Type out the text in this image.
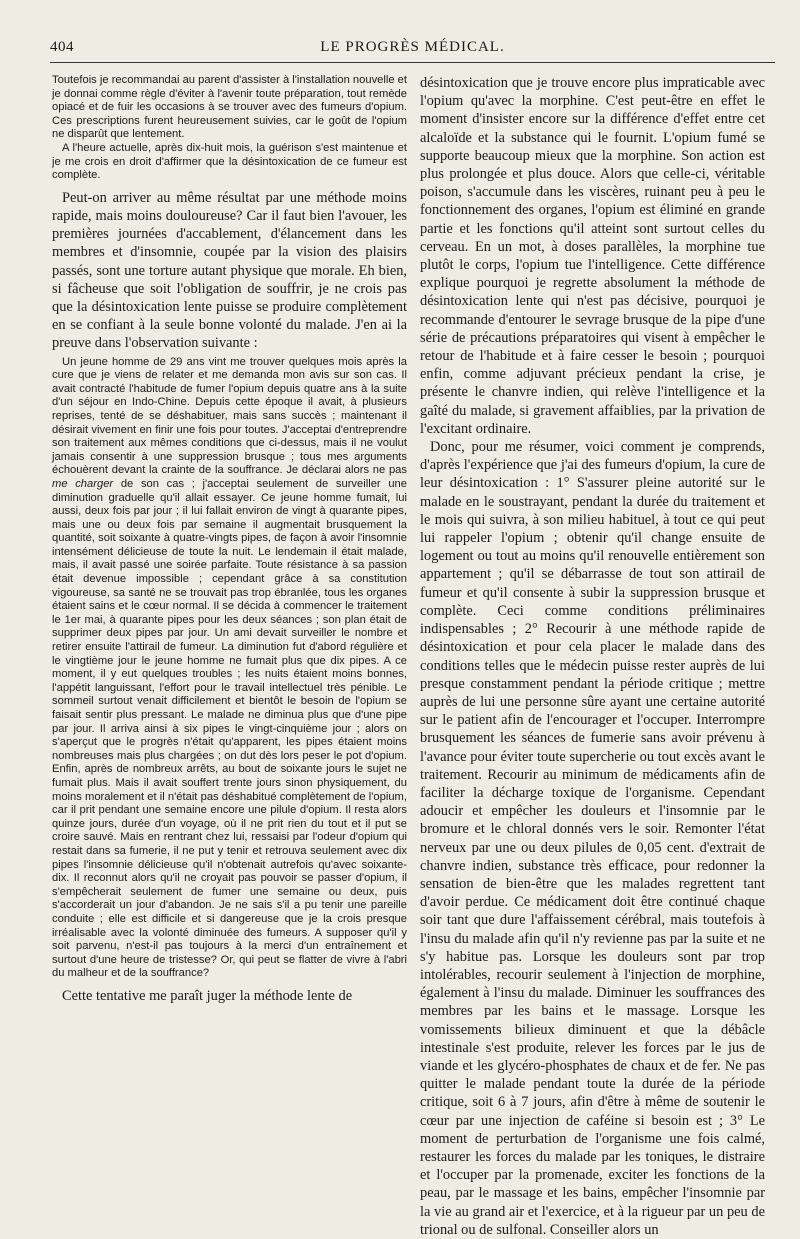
404	LE PROGRÈS MÉDICAL.

Toutefois je recommandai au parent d'assister à l'installation nouvelle et je donnai comme règle d'éviter à l'avenir toute préparation, tout remède opiacé et de fuir les occasions à se trouver avec des fumeurs d'opium. Ces prescriptions furent heureusement suivies, car le goût de l'opium ne disparût que lentement.

A l'heure actuelle, après dix-huit mois, la guérison s'est maintenue et je me crois en droit d'affirmer que la désintoxication de ce fumeur est complète.

Peut-on arriver au même résultat par une méthode moins rapide, mais moins douloureuse? Car il faut bien l'avouer, les premières journées d'accablement, d'élancement dans les membres et d'insomnie, coupée par la vision des plaisirs passés, sont une torture autant physique que morale. Eh bien, si fâcheuse que soit l'obligation de souffrir, je ne crois pas que la désintoxication lente puisse se produire complètement en se confiant à la seule bonne volonté du malade. J'en ai la preuve dans l'observation suivante :

Un jeune homme de 29 ans vint me trouver quelques mois après la cure que je viens de relater et me demanda mon avis sur son cas. Il avait contracté l'habitude de fumer l'opium depuis quatre ans à la suite d'un séjour en Indo-Chine. Depuis cette époque il avait, à plusieurs reprises, tenté de se déshabituer, mais sans succès ; maintenant il désirait vivement en finir une fois pour toutes. J'acceptai d'entreprendre son traitement aux mêmes conditions que ci-dessus, mais il ne voulut jamais consentir à une suppression brusque ; tous mes arguments échouèrent devant la crainte de la souffrance. Je déclarai alors ne pas me charger de son cas ; j'acceptai seulement de surveiller une diminution graduelle qu'il allait essayer. Ce jeune homme fumait, lui aussi, deux fois par jour ; il lui fallait environ de vingt à quarante pipes, mais une ou deux fois par semaine il augmentait brusquement la quantité, soit soixante à quatre-vingts pipes, de façon à avoir l'insomnie intensément délicieuse de toute la nuit. Le lendemain il était malade, mais, il avait passé une soirée parfaite. Toute résistance à sa passion était devenue impossible ; cependant grâce à sa constitution vigoureuse, sa santé ne se trouvait pas trop ébranlée, tous les organes étaient sains et le cœur normal. Il se décida à commencer le traitement le 1er mai, à quarante pipes pour les deux séances ; son plan était de supprimer deux pipes par jour. Un ami devait surveiller le nombre et retirer ensuite l'attirail de fumeur. La diminution fut d'abord régulière et le vingtième jour le jeune homme ne fumait plus que dix pipes. A ce moment, il y eut quelques troubles ; les nuits étaient moins bonnes, l'appétit languissant, l'effort pour le travail intellectuel très pénible. Le sommeil surtout venait difficilement et bientôt le besoin de l'opium se faisait sentir plus pressant. Le malade ne diminua plus que d'une pipe par jour. Il arriva ainsi à six pipes le vingt-cinquième jour ; alors on s'aperçut que le progrès n'était qu'apparent, les pipes étaient moins nombreuses mais plus chargées ; on dut dès lors peser le pot d'opium. Enfin, après de nombreux arrêts, au bout de soixante jours le sujet ne fumait plus. Mais il avait souffert trente jours sinon physiquement, du moins moralement et il n'était pas déshabitué complètement de l'opium, car il prit pendant une semaine encore une pilule d'opium. Il resta alors quinze jours, durée d'un voyage, où il ne prit rien du tout et il put se croire sauvé. Mais en rentrant chez lui, ressaisi par l'odeur d'opium qui restait dans sa fumerie, il ne put y tenir et retrouva seulement avec dix pipes l'insomnie délicieuse qu'il n'obtenait autrefois qu'avec soixante-dix. Il reconnut alors qu'il ne croyait pas pouvoir se passer d'opium, il s'empêcherait seulement de fumer une semaine ou deux, puis s'accorderait un jour d'abandon. Je ne sais s'il a pu tenir une pareille conduite ; elle est difficile et si dangereuse que je la crois presque irréalisable avec la volonté diminuée des fumeurs. A supposer qu'il y soit parvenu, n'est-il pas toujours à la merci d'un entraînement et surtout d'une heure de tristesse? Or, qui peut se flatter de vivre à l'abri du malheur et de la souffrance?

Cette tentative me paraît juger la méthode lente de

désintoxication que je trouve encore plus impraticable avec l'opium qu'avec la morphine. C'est peut-être en effet le moment d'insister encore sur la différence d'effet entre cet alcaloïde et la substance qui le fournit. L'opium fumé se supporte beaucoup mieux que la morphine. Son action est plus prolongée et plus douce. Alors que celle-ci, véritable poison, s'accumule dans les viscères, ruinant peu à peu le fonctionnement des organes, l'opium est éliminé en grande partie et les fonctions qu'il atteint sont surtout celles du cerveau. En un mot, à doses parallèles, la morphine tue plutôt le corps, l'opium tue l'intelligence. Cette différence explique pourquoi je regrette absolument la méthode de désintoxication lente qui n'est pas décisive, pourquoi je recommande d'entourer le sevrage brusque de la pipe d'une série de précautions préparatoires qui visent à empêcher le retour de l'habitude et à faire cesser le besoin ; pourquoi enfin, comme adjuvant précieux pendant la crise, je présente le chanvre indien, qui relève l'intelligence et la gaîté du malade, si gravement affaiblies, par la privation de l'excitant ordinaire.

Donc, pour me résumer, voici comment je comprends, d'après l'expérience que j'ai des fumeurs d'opium, la cure de leur désintoxication : 1° S'assurer pleine autorité sur le malade en le soustrayant, pendant la durée du traitement et le mois qui suivra, à son milieu habituel, à tout ce qui peut lui rappeler l'opium ; obtenir qu'il change ensuite de logement ou tout au moins qu'il renouvelle entièrement son appartement ; qu'il se débarrasse de tout son attirail de fumeur et qu'il consente à subir la suppression brusque et complète. Ceci comme conditions préliminaires indispensables ; 2° Recourir à une méthode rapide de désintoxication et pour cela placer le malade dans des conditions telles que le médecin puisse rester auprès de lui presque constamment pendant la période critique ; mettre auprès de lui une personne sûre ayant une certaine autorité sur le patient afin de l'encourager et l'occuper. Interrompre brusquement les séances de fumerie sans avoir prévenu à l'avance pour éviter toute supercherie ou tout excès avant le traitement. Recourir au minimum de médicaments afin de faciliter la décharge toxique de l'organisme. Cependant adoucir et empêcher les douleurs et l'insomnie par le bromure et le chloral donnés vers le soir. Remonter l'état nerveux par une ou deux pilules de 0,05 cent. d'extrait de chanvre indien, substance très efficace, pour redonner la sensation de bien-être que les malades regrettent tant d'avoir perdue. Ce médicament doit être continué chaque soir tant que dure l'affaissement cérébral, mais toutefois à l'insu du malade afin qu'il n'y revienne pas par la suite et ne s'y habitue pas. Lorsque les douleurs sont par trop intolérables, recourir seulement à l'injection de morphine, également à l'insu du malade. Diminuer les souffrances des membres par les bains et le massage. Lorsque les vomissements bilieux diminuent et que la débâcle intestinale s'est produite, relever les forces par le jus de viande et les glycéro-phosphates de chaux et de fer. Ne pas quitter le malade pendant toute la durée de la période critique, soit 6 à 7 jours, afin d'être à même de soutenir le cœur par une injection de caféine si besoin est ; 3° Le moment de perturbation de l'organisme une fois calmé, restaurer les forces du malade par les toniques, le distraire et l'occuper par la promenade, exciter les fonctions de la peau, par le massage et les bains, empêcher l'insomnie par la vie au grand air et l'exercice, et à la rigueur par un peu de trional ou de sulfonal. Conseiller alors un
